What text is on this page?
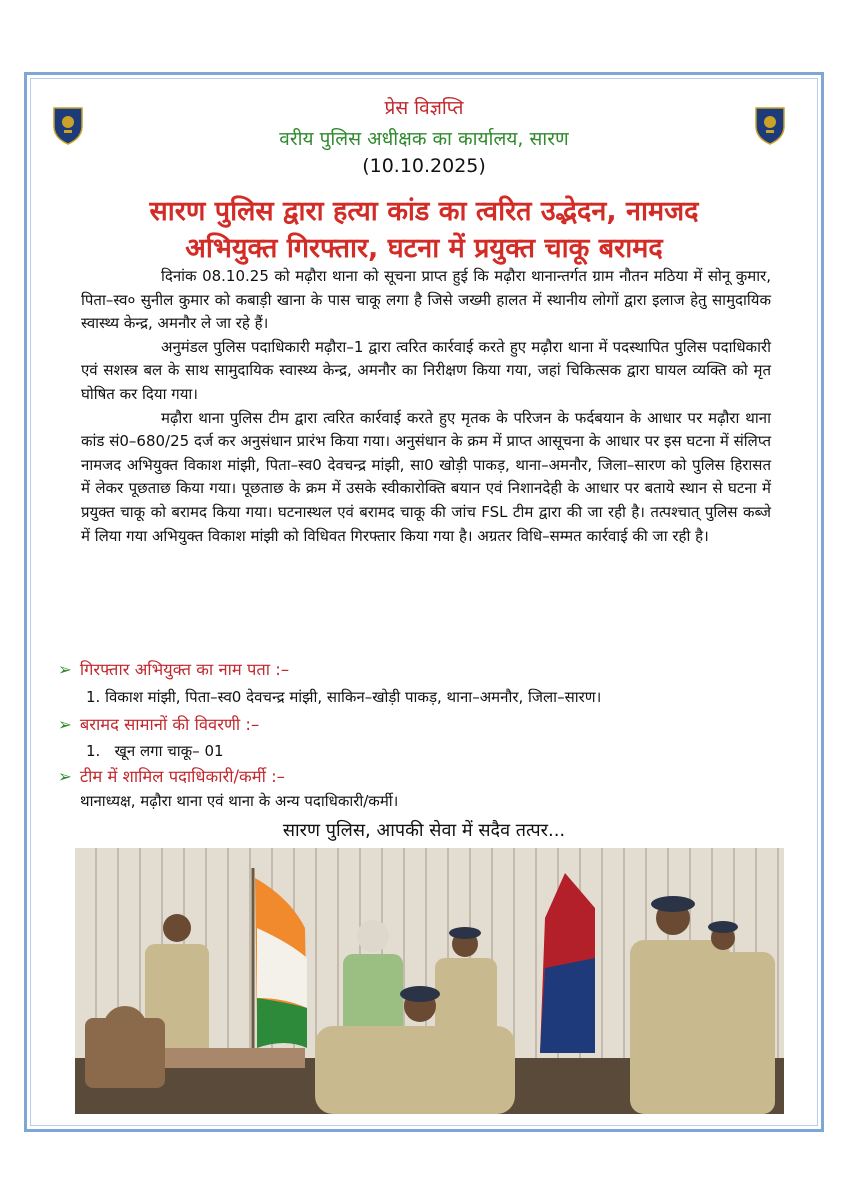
प्रेस विज्ञप्ति
वरीय पुलिस अधीक्षक का कार्यालय, सारण
(10.10.2025)
सारण पुलिस द्वारा हत्या कांड का त्वरित उद्भेदन, नामजद
अभियुक्त गिरफ्तार, घटना में प्रयुक्त चाकू बरामद

दिनांक 08.10.25 को मढ़ौरा थाना को सूचना प्राप्त हुई कि मढ़ौरा थानान्तर्गत ग्राम नौतन मठिया में सोनू कुमार, पिता–स्व० सुनील कुमार को कबाड़ी खाना के पास चाकू लगा है जिसे जख्मी हालत में स्थानीय लोगों द्वारा इलाज हेतु सामुदायिक स्वास्थ्य केन्द्र, अमनौर ले जा रहे हैं।

अनुमंडल पुलिस पदाधिकारी मढ़ौरा–1 द्वारा त्वरित कार्रवाई करते हुए मढ़ौरा थाना में पदस्थापित पुलिस पदाधिकारी एवं सशस्त्र बल के साथ सामुदायिक स्वास्थ्य केन्द्र, अमनौर का निरीक्षण किया गया, जहां चिकित्सक द्वारा घायल व्यक्ति को मृत घोषित कर दिया गया।

मढ़ौरा थाना पुलिस टीम द्वारा त्वरित कार्रवाई करते हुए मृतक के परिजन के फर्दबयान के आधार पर मढ़ौरा थाना कांड सं0–680/25 दर्ज कर अनुसंधान प्रारंभ किया गया। अनुसंधान के क्रम में प्राप्त आसूचना के आधार पर इस घटना में संलिप्त नामजद अभियुक्त विकाश मांझी, पिता–स्व0 देवचन्द्र मांझी, सा0 खोड़ी पाकड़, थाना–अमनौर, जिला–सारण को पुलिस हिरासत में लेकर पूछताछ किया गया। पूछताछ के क्रम में उसके स्वीकारोक्ति बयान एवं निशानदेही के आधार पर बताये स्थान से घटना में प्रयुक्त चाकू को बरामद किया गया। घटनास्थल एवं बरामद चाकू की जांच FSL टीम द्वारा की जा रही है। तत्पश्चात् पुलिस कब्जे में लिया गया अभियुक्त विकाश मांझी को विधिवत गिरफ्तार किया गया है। अग्रतर विधि–सम्मत कार्रवाई की जा रही है।

➢ गिरफ्तार अभियुक्त का नाम पता :–
1. विकाश मांझी, पिता–स्व0 देवचन्द्र मांझी, साकिन–खोड़ी पाकड़, थाना–अमनौर, जिला–सारण।
➢ बरामद सामानों की विवरणी :–
1.   खून लगा चाकू– 01
➢ टीम में शामिल पदाधिकारी/कर्मी :–
थानाध्यक्ष, मढ़ौरा थाना एवं थाना के अन्य पदाधिकारी/कर्मी।
सारण पुलिस, आपकी सेवा में सदैव तत्पर...
